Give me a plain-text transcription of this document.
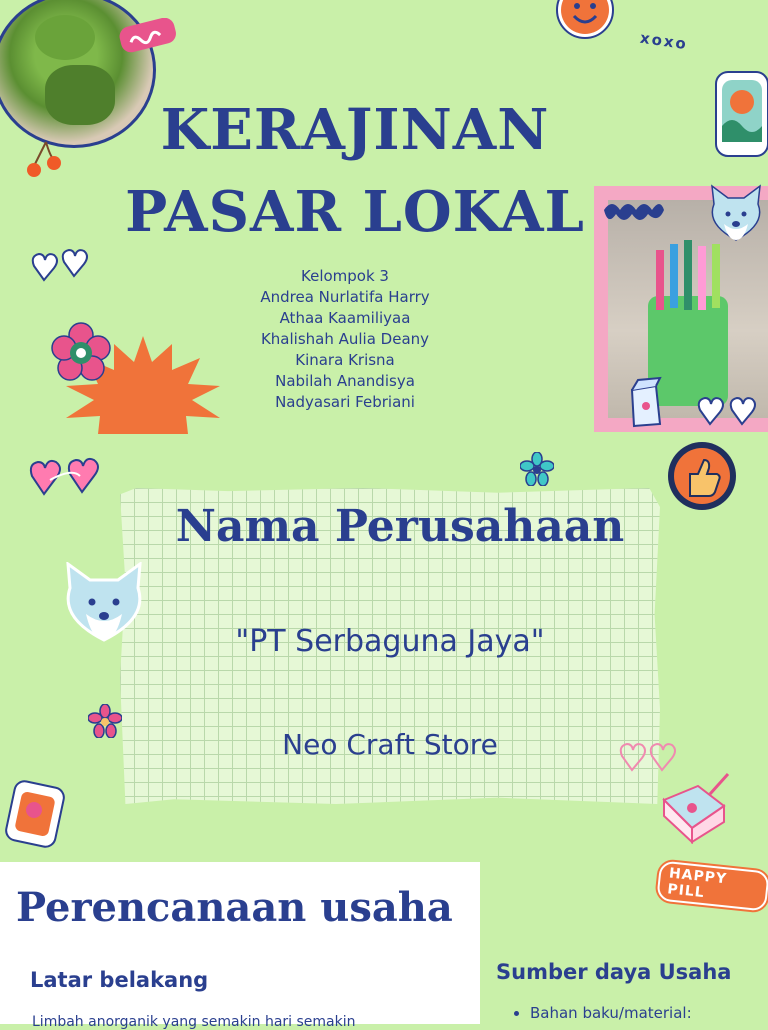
xoxo
KERAJINAN
PASAR LOKAL
Kelompok 3
Andrea Nurlatifa Harry
Athaa Kaamiliyaa
Khalishah Aulia Deany
Kinara Krisna
Nabilah Anandisya
Nadyasari Febriani
Nama Perusahaan
"PT Serbaguna Jaya"
Neo Craft Store
HAPPY PILL
Perencanaan usaha
Latar belakang
Limbah anorganik yang semakin hari semakin
Sumber daya Usaha
• Bahan baku/material:
